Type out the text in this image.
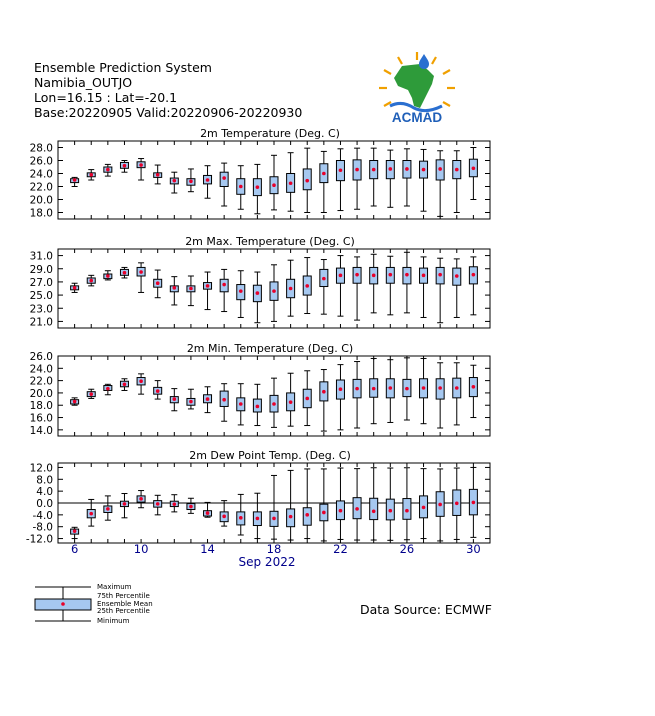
Ensemble Prediction System
Namibia_OUTJO
Lon=16.15 : Lat=-20.1
Base:20220905 Valid:20220906-20220930	ACMAD
2m Temperature (Deg. C)
18.0
20.0
22.0
24.0
26.0
28.0
2m Max. Temperature (Deg. C)
21.0
23.0
25.0
27.0
29.0
31.0
2m Min. Temperature (Deg. C)
14.0
16.0
18.0
20.0
22.0
24.0
26.0
2m Dew Point Temp. (Deg. C)
-12.0
-8.0
-4.0
0.0
4.0
8.0
12.0
6	10	14	18	22	26	30
Sep 2022
Maximum
75th Percentile
Ensemble Mean
25th Percentile
Minimum
Data Source: ECMWF
